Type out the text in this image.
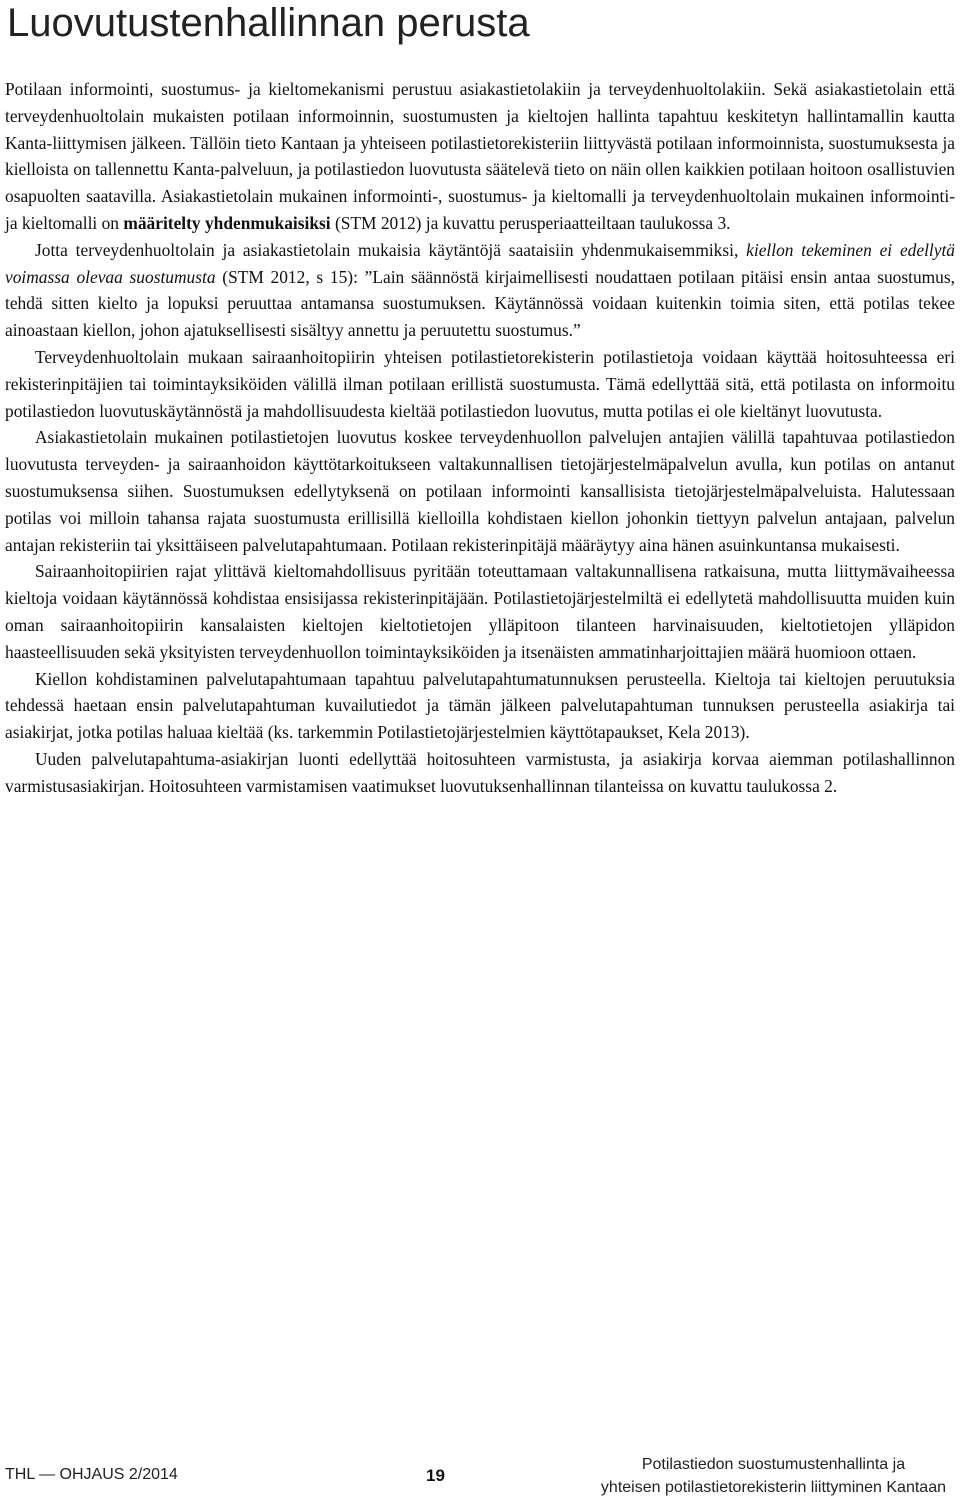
Luovutustenhallinnan perusta

Potilaan informointi, suostumus- ja kieltomekanismi perustuu asiakastietolakiin ja terveydenhuoltolakiin. Sekä asiakastietolain että terveydenhuoltolain mukaisten potilaan informoinnin, suostumusten ja kieltojen hallinta tapahtuu keskitetyn hallintamallin kautta Kanta-liittymisen jälkeen. Tällöin tieto Kantaan ja yhteiseen potilastietorekisteriin liittyvästä potilaan informoinnista, suostumuksesta ja kielloista on tallennettu Kanta-palveluun, ja potilastiedon luovutusta säätelevä tieto on näin ollen kaikkien potilaan hoitoon osallistuvien osapuolten saatavilla. Asiakastietolain mukainen informointi-, suostumus- ja kieltomalli ja terveydenhuoltolain mukainen informointi- ja kieltomalli on määritelty yhdenmukaisiksi (STM 2012) ja kuvattu perusperiaatteiltaan taulukossa 3.

Jotta terveydenhuoltolain ja asiakastietolain mukaisia käytäntöjä saataisiin yhdenmukaisemmiksi, kiellon tekeminen ei edellytä voimassa olevaa suostumusta (STM 2012, s 15): ”Lain säännöstä kirjaimellisesti noudattaen potilaan pitäisi ensin antaa suostumus, tehdä sitten kielto ja lopuksi peruuttaa antamansa suostumuksen. Käytännössä voidaan kuitenkin toimia siten, että potilas tekee ainoastaan kiellon, johon ajatuksellisesti sisältyy annettu ja peruutettu suostumus.”

Terveydenhuoltolain mukaan sairaanhoitopiirin yhteisen potilastietorekisterin potilastietoja voidaan käyttää hoitosuhteessa eri rekisterinpitäjien tai toimintayksiköiden välillä ilman potilaan erillistä suostumusta. Tämä edellyttää sitä, että potilasta on informoitu potilastiedon luovutuskäytännöstä ja mahdollisuudesta kieltää potilastiedon luovutus, mutta potilas ei ole kieltänyt luovutusta.

Asiakastietolain mukainen potilastietojen luovutus koskee terveydenhuollon palvelujen antajien välillä tapahtuvaa potilastiedon luovutusta terveyden- ja sairaanhoidon käyttötarkoitukseen valtakunnallisen tietojärjestelmäpalvelun avulla, kun potilas on antanut suostumuksensa siihen. Suostumuksen edellytyksenä on potilaan informointi kansallisista tietojärjestelmäpalveluista. Halutessaan potilas voi milloin tahansa rajata suostumusta erillisillä kielloilla kohdistaen kiellon johonkin tiettyyn palvelun antajaan, palvelun antajan rekisteriin tai yksittäiseen palvelutapahtumaan. Potilaan rekisterinpitäjä määräytyy aina hänen asuinkuntansa mukaisesti.

Sairaanhoitopiirien rajat ylittävä kieltomahdollisuus pyritään toteuttamaan valtakunnallisena ratkaisuna, mutta liittymävaiheessa kieltoja voidaan käytännössä kohdistaa ensisijassa rekisterinpitäjään. Potilastietojärjestelmiltä ei edellytetä mahdollisuutta muiden kuin oman sairaanhoitopiirin kansalaisten kieltojen kieltotietojen ylläpitoon tilanteen harvinaisuuden, kieltotietojen ylläpidon haasteellisuuden sekä yksityisten terveydenhuollon toimintayksiköiden ja itsenäisten ammatinharjoittajien määrä huomioon ottaen.

Kiellon kohdistaminen palvelutapahtumaan tapahtuu palvelutapahtumatunnuksen perusteella. Kieltoja tai kieltojen peruutuksia tehdessä haetaan ensin palvelutapahtuman kuvailutiedot ja tämän jälkeen palvelutapahtuman tunnuksen perusteella asiakirja tai asiakirjat, jotka potilas haluaa kieltää (ks. tarkemmin Potilastietojärjestelmien käyttötapaukset, Kela 2013).

Uuden palvelutapahtuma-asiakirjan luonti edellyttää hoitosuhteen varmistusta, ja asiakirja korvaa aiemman potilashallinnon varmistusasiakirjan. Hoitosuhteen varmistamisen vaatimukset luovutuksenhallinnan tilanteissa on kuvattu taulukossa 2.

THL — OHJAUS 2/2014	19
Potilastiedon suostumustenhallinta ja
yhteisen potilastietorekisterin liittyminen Kantaan
